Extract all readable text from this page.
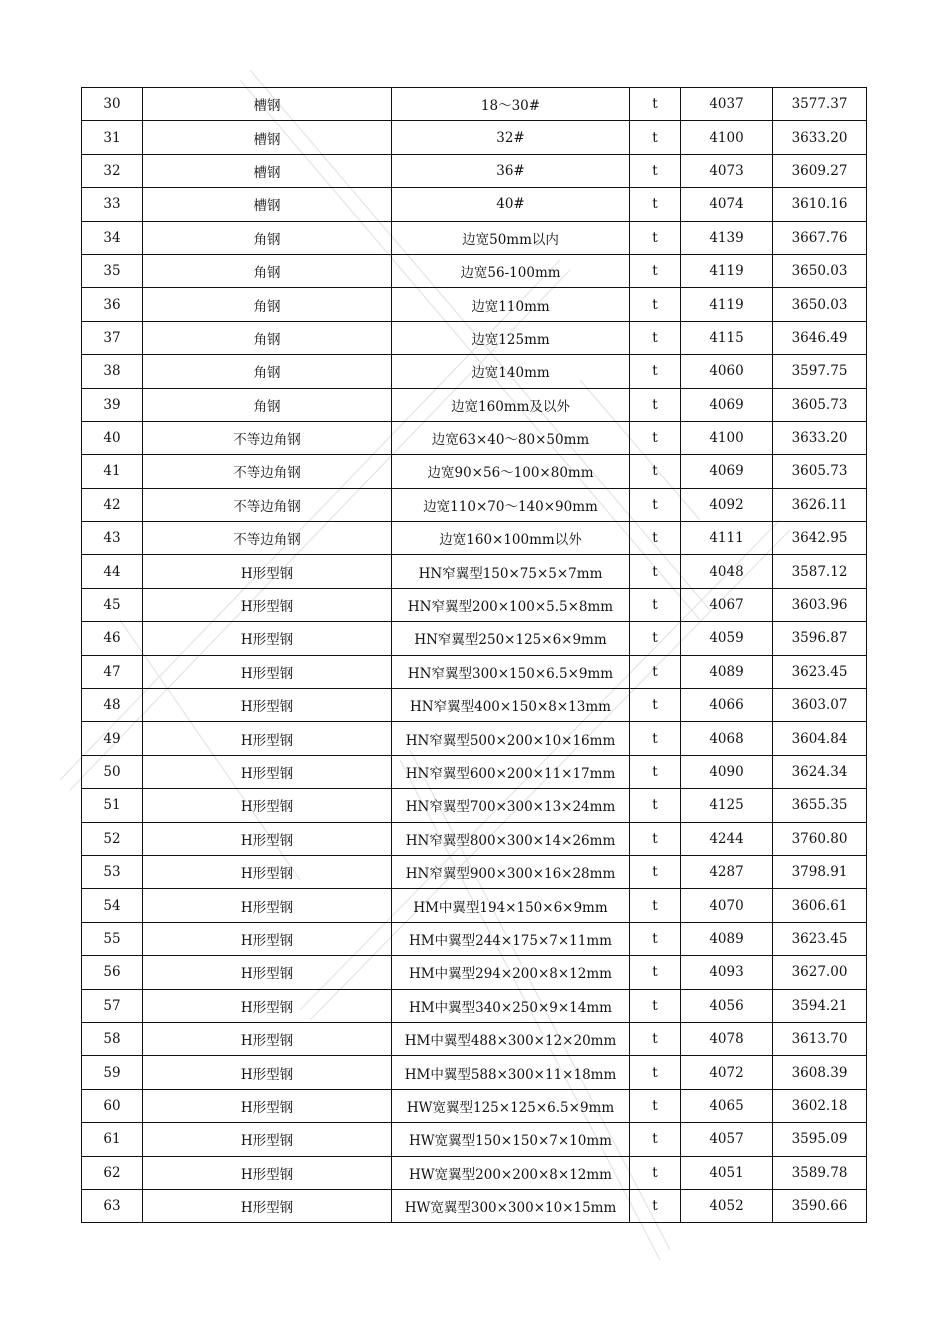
30	槽钢	18～30#	t	4037	3577.37
31	槽钢	32#	t	4100	3633.20
32	槽钢	36#	t	4073	3609.27
33	槽钢	40#	t	4074	3610.16
34	角钢	边宽50mm以内	t	4139	3667.76
35	角钢	边宽56-100mm	t	4119	3650.03
36	角钢	边宽110mm	t	4119	3650.03
37	角钢	边宽125mm	t	4115	3646.49
38	角钢	边宽140mm	t	4060	3597.75
39	角钢	边宽160mm及以外	t	4069	3605.73
40	不等边角钢	边宽63×40～80×50mm	t	4100	3633.20
41	不等边角钢	边宽90×56～100×80mm	t	4069	3605.73
42	不等边角钢	边宽110×70～140×90mm	t	4092	3626.11
43	不等边角钢	边宽160×100mm以外	t	4111	3642.95
44	H形型钢	HN窄翼型150×75×5×7mm	t	4048	3587.12
45	H形型钢	HN窄翼型200×100×5.5×8mm	t	4067	3603.96
46	H形型钢	HN窄翼型250×125×6×9mm	t	4059	3596.87
47	H形型钢	HN窄翼型300×150×6.5×9mm	t	4089	3623.45
48	H形型钢	HN窄翼型400×150×8×13mm	t	4066	3603.07
49	H形型钢	HN窄翼型500×200×10×16mm	t	4068	3604.84
50	H形型钢	HN窄翼型600×200×11×17mm	t	4090	3624.34
51	H形型钢	HN窄翼型700×300×13×24mm	t	4125	3655.35
52	H形型钢	HN窄翼型800×300×14×26mm	t	4244	3760.80
53	H形型钢	HN窄翼型900×300×16×28mm	t	4287	3798.91
54	H形型钢	HM中翼型194×150×6×9mm	t	4070	3606.61
55	H形型钢	HM中翼型244×175×7×11mm	t	4089	3623.45
56	H形型钢	HM中翼型294×200×8×12mm	t	4093	3627.00
57	H形型钢	HM中翼型340×250×9×14mm	t	4056	3594.21
58	H形型钢	HM中翼型488×300×12×20mm	t	4078	3613.70
59	H形型钢	HM中翼型588×300×11×18mm	t	4072	3608.39
60	H形型钢	HW宽翼型125×125×6.5×9mm	t	4065	3602.18
61	H形型钢	HW宽翼型150×150×7×10mm	t	4057	3595.09
62	H形型钢	HW宽翼型200×200×8×12mm	t	4051	3589.78
63	H形型钢	HW宽翼型300×300×10×15mm	t	4052	3590.66
